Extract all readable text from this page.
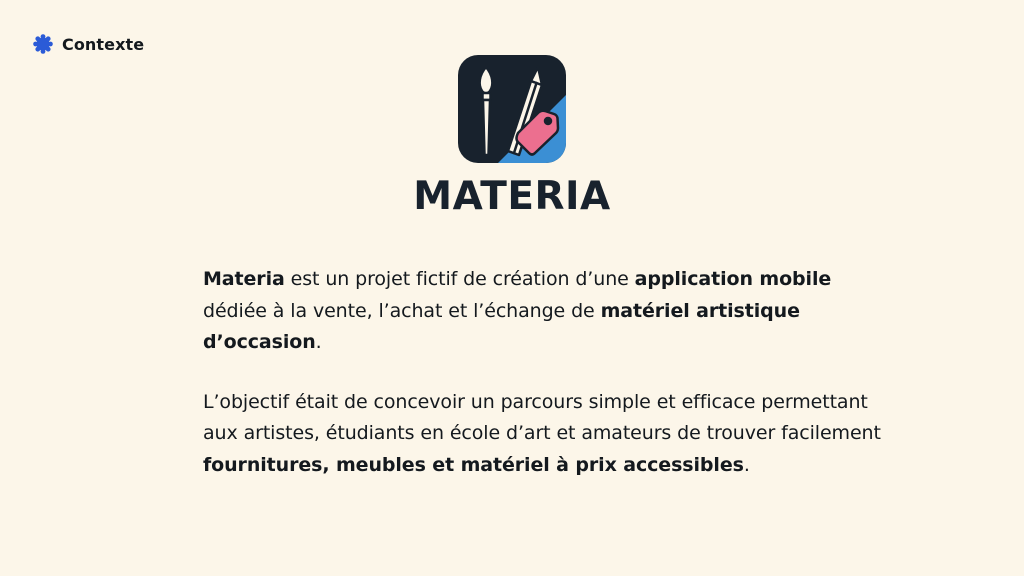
Contexte
MATERIA

Materia est un projet fictif de création d’une application mobile dédiée à la vente, l’achat et l’échange de matériel artistique d’occasion.

L’objectif était de concevoir un parcours simple et efficace permettant aux artistes, étudiants en école d’art et amateurs de trouver facilement fournitures, meubles et matériel à prix accessibles.
